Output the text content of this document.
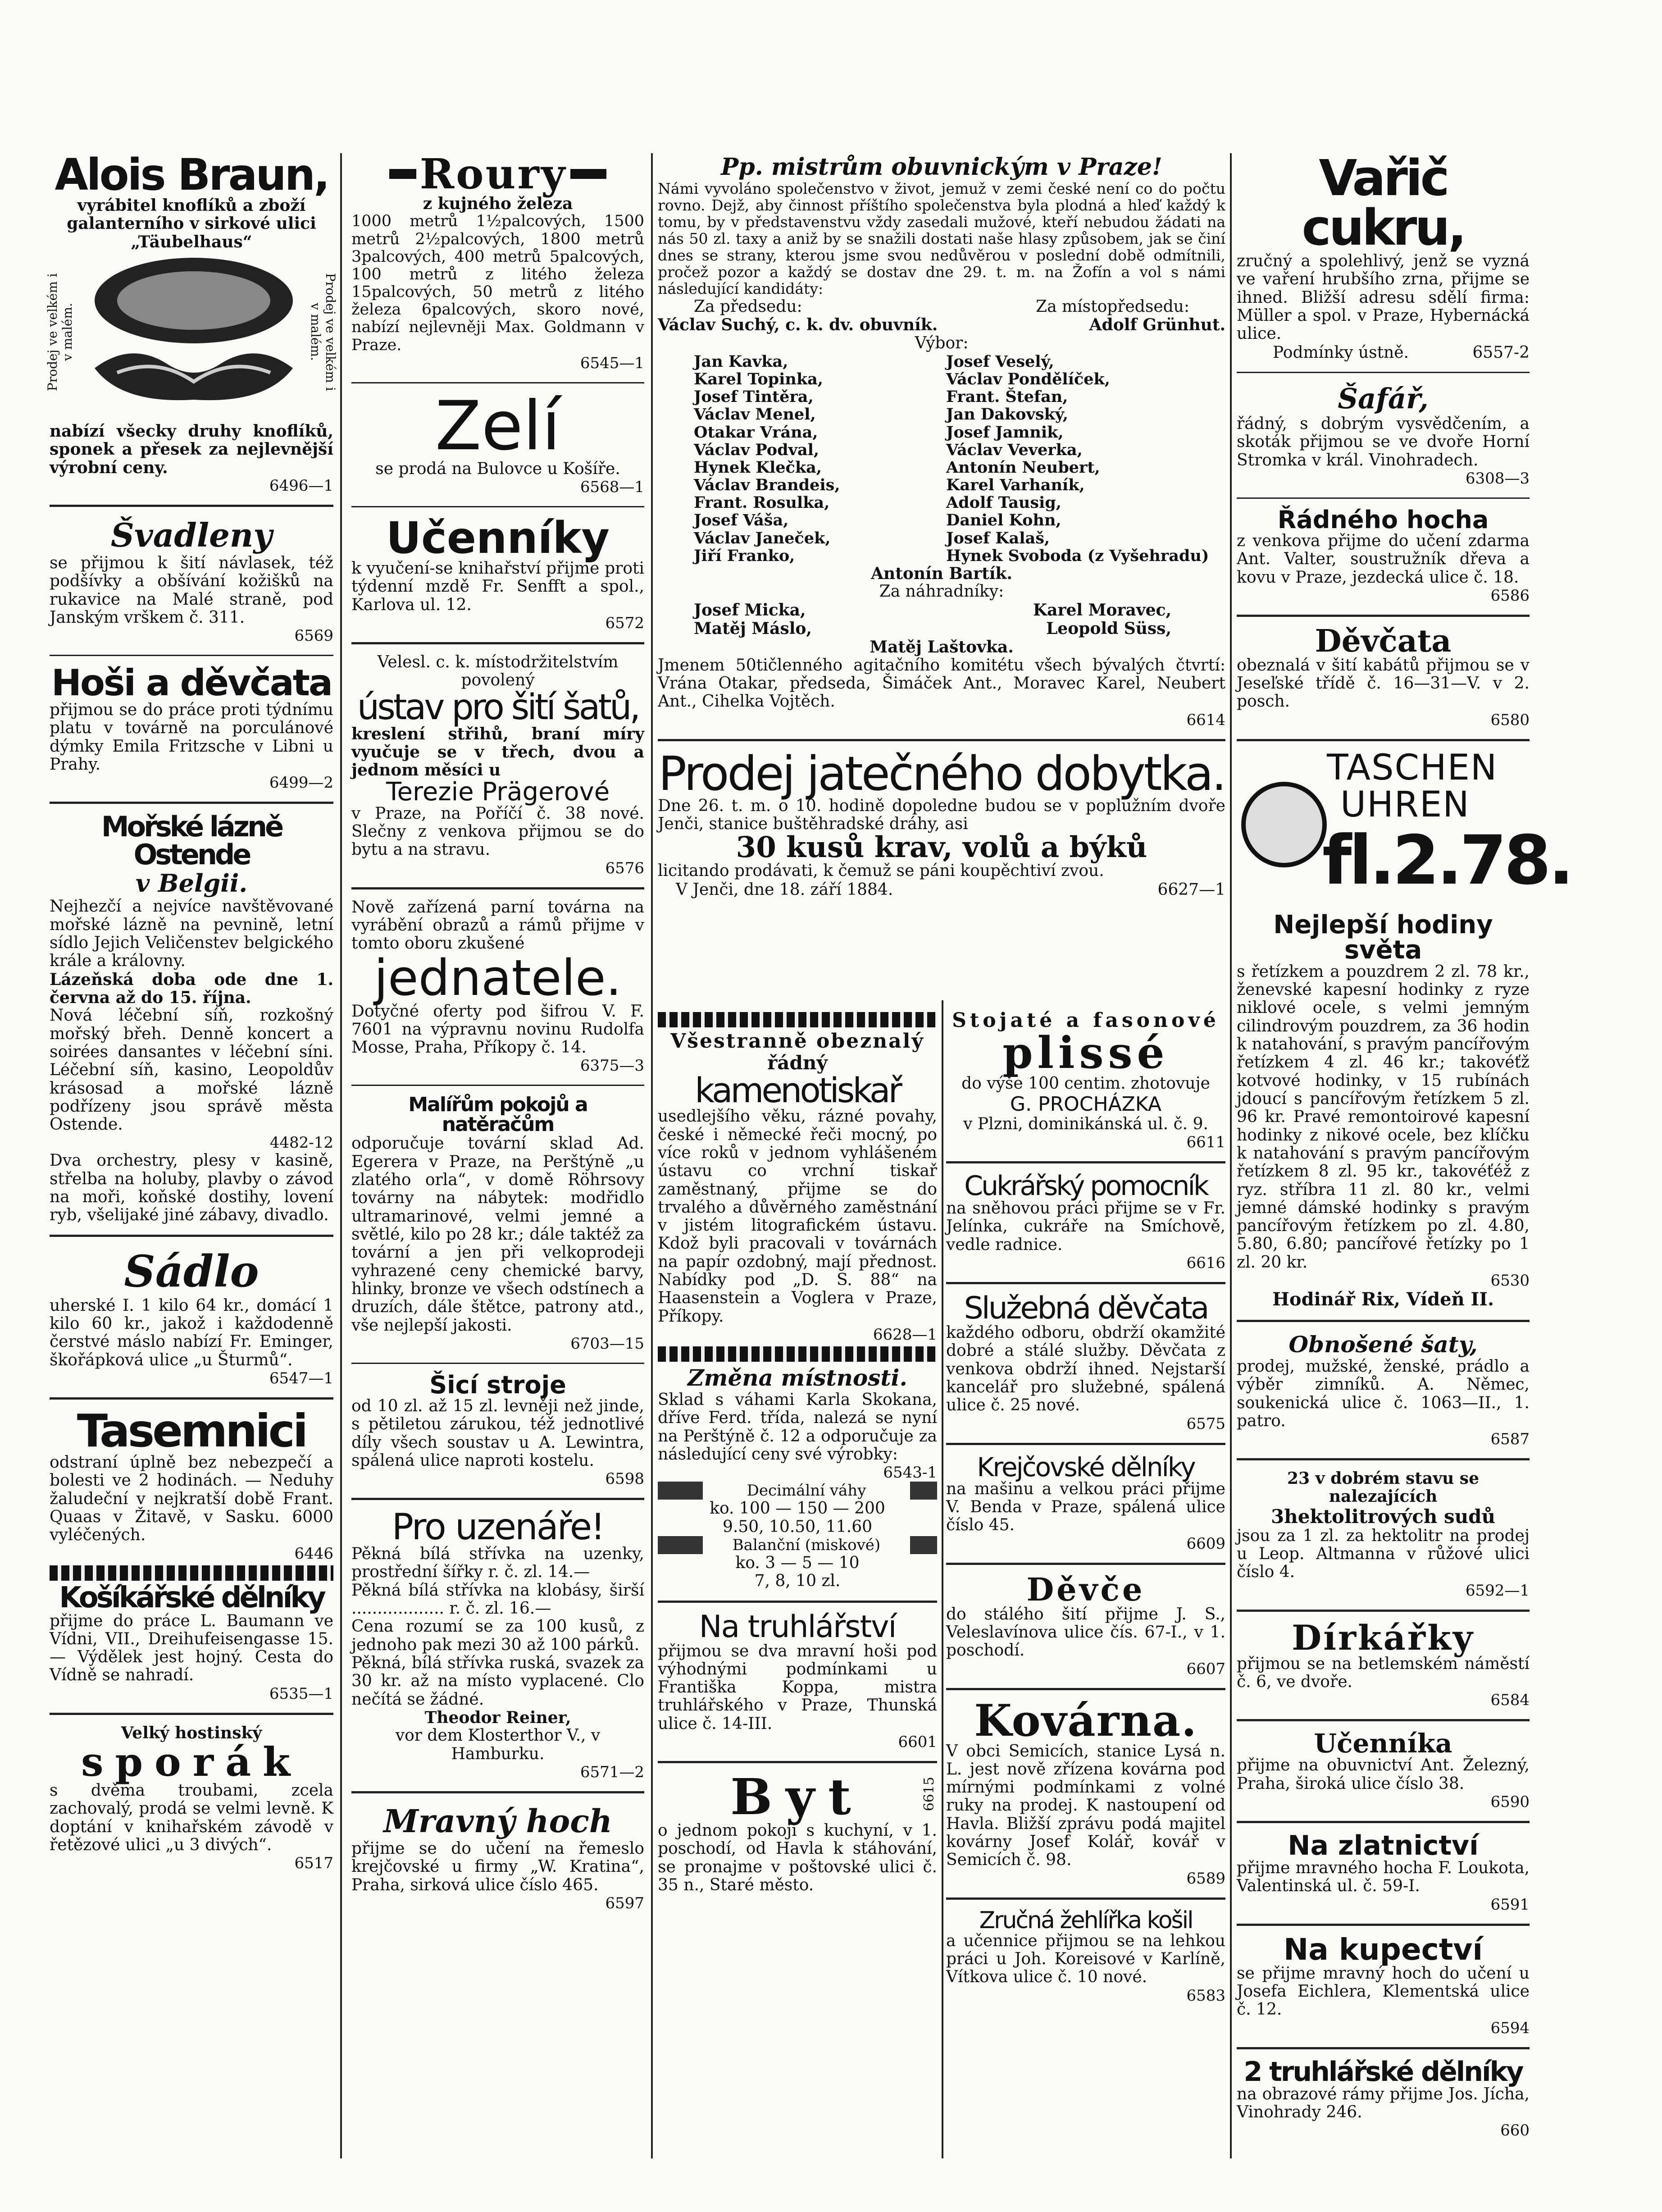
Alois Braun,
vyrábitel knoflíků a zboží
galanterního v sirkové ulici
„Täubelhaus“
Prodej ve velkém i v malém.	Prodej ve velkém i v malém.
nabízí všecky druhy knoflíků, sponek a přesek za nejlevnější výrobní ceny.
6496—1
Švadleny
se přijmou k šití návlasek, též podšívky a obšívání kožišků na rukavice na Malé straně, pod Janským vrškem č. 311.
6569
Hoši a děvčata
přijmou se do práce proti týdnímu platu v továrně na porculánové dýmky Emila Fritzsche v Libni u Prahy.
6499—2
Mořské lázně Ostende
v Belgii.
Nejhezčí a nejvíce navštěvované mořské lázně na pevnině, letní sídlo Jejich Veličenstev belgického krále a královny.
Lázeňská doba ode dne 1. června až do 15. října.
Nová léčební síň, rozkošný mořský břeh. Denně koncert a soirées dansantes v léčební síni. Léčební síň, kasino, Leopoldův krásosad a mořské lázně podřízeny jsou správě města Ostende.
4482-12
Dva orchestry, plesy v kasině, střelba na holuby, plavby o závod na moři, koňské dostihy, lovení ryb, všelijaké jiné zábavy, divadlo.
Sádlo
uherské I. 1 kilo 64 kr., domácí 1 kilo 60 kr., jakož i každodenně čerstvé máslo nabízí Fr. Eminger, škořápková ulice „u Šturmů“.
6547—1
Tasemnici
odstraní úplně bez nebezpečí a bolesti ve 2 hodinách. — Neduhy žaludeční v nejkratší době Frant. Quaas v Žitavě, v Sasku. 6000 vyléčených.
6446
Košíkářské dělníky
přijme do práce L. Baumann ve Vídni, VII., Dreihufeisengasse 15. — Výdělek jest hojný. Cesta do Vídně se nahradí.
6535—1
Velký hostinský
sporák
s dvěma troubami, zcela zachovalý, prodá se velmi levně. K doptání v knihařském závodě v řetězové ulici „u 3 divých“.
6517
Roury
z kujného železa
1000 metrů 1½palcových, 1500 metrů 2½palcových, 1800 metrů 3palcových, 400 metrů 5palcových, 100 metrů z litého železa 15palcových, 50 metrů z litého železa 6palcových, skoro nové, nabízí nejlevněji Max. Goldmann v Praze.
6545—1
Zelí
se prodá na Bulovce u Košíře.
6568—1
Učenníky
k vyučení-se knihařství přijme proti týdenní mzdě Fr. Senfft a spol., Karlova ul. 12.
6572
Velesl. c. k. místodržitelstvím povolený
ústav pro šití šatů,
kreslení střihů, braní míry vyučuje se v třech, dvou a jednom měsíci u
Terezie Prägerové
v Praze, na Poříčí č. 38 nové. Slečny z venkova přijmou se do bytu a na stravu.
6576
Nově zařízená parní továrna na vyrábění obrazů a rámů přijme v tomto oboru zkušené
jednatele.
Dotyčné oferty pod šifrou V. F. 7601 na výpravnu novinu Rudolfa Mosse, Praha, Příkopy č. 14.
6375—3
Malířům pokojů a natěračům
odporučuje tovární sklad Ad. Egerera v Praze, na Perštýně „u zlatého orla“, v domě Röhrsovy továrny na nábytek: modřidlo ultramarinové, velmi jemné a světlé, kilo po 28 kr.; dále taktéž za tovární a jen při velkoprodeji vyhrazené ceny chemické barvy, hlinky, bronze ve všech odstínech a druzích, dále štětce, patrony atd., vše nejlepší jakosti.
6703—15
Šicí stroje
od 10 zl. až 15 zl. levněji než jinde, s pětiletou zárukou, též jednotlivé díly všech soustav u A. Lewintra, spálená ulice naproti kostelu.
6598
Pro uzenáře!
Pěkná bílá střívka na uzenky, prostřední šířky r. č. zl. 14.—
Pěkná bílá střívka na klobásy, širší .................. r. č. zl. 16.—
Cena rozumí se za 100 kusů, z jednoho pak mezi 30 až 100 párků.
Pěkná, bílá střívka ruská, svazek za 30 kr. až na místo vyplacené. Clo nečítá se žádné.
Theodor Reiner,
vor dem Klosterthor V., v Hamburku.
6571—2
Mravný hoch
přijme se do učení na řemeslo krejčovské u firmy „W. Kratina“, Praha, sirková ulice číslo 465.
6597
Pp. mistrům obuvnickým v Praze!
Námi vyvoláno společenstvo v život, jemuž v zemi české není co do počtu rovno. Dejž, aby činnost příštího společenstva byla plodná a hleď každý k tomu, by v představenstvu vždy zasedali mužové, kteří nebudou žádati na nás 50 zl. taxy a aniž by se snažili dostati naše hlasy způsobem, jak se činí dnes se strany, kterou jsme svou nedůvěrou v poslední době odmítnili, pročež pozor a každý se dostav dne 29. t. m. na Žofín a vol s námi následující kandidáty:
Za předsedu:	Za místopředsedu:
Václav Suchý, c. k. dv. obuvník.	Adolf Grünhut.
Výbor:
Jan Kavka,
Karel Topinka,
Josef Tintěra,
Václav Menel,
Otakar Vrána,
Václav Podval,
Hynek Klečka,
Václav Brandeis,
Frant. Rosulka,
Josef Váša,
Václav Janeček,
Jiří Franko,
Josef Veselý,
Václav Pondělíček,
Frant. Štefan,
Jan Dakovský,
Josef Jamnik,
Václav Veverka,
Antonín Neubert,
Karel Varhaník,
Adolf Tausig,
Daniel Kohn,
Josef Kalaš,
Hynek Svoboda (z Vyšehradu)
Antonín Bartík.
Za náhradníky:
Josef Micka,	Karel Moravec,
Matěj Máslo,	Leopold Süss,
Matěj Laštovka.
Jmenem 50tičlenného agitačního komitétu všech bývalých čtvrtí: Vrána Otakar, předseda, Šimáček Ant., Moravec Karel, Neubert Ant., Cihelka Vojtěch.
6614
Prodej jatečného dobytka.
Dne 26. t. m. o 10. hodině dopoledne budou se v poplužním dvoře Jenči, stanice buštěhradské dráhy, asi
30 kusů krav, volů a býků
licitando prodávati, k čemuž se páni koupěchtiví zvou.
V Jenči, dne 18. září 1884.	6627—1
Všestranně obeznalý
řádný
kamenotiskař
usedlejšího věku, rázné povahy, české i německé řeči mocný, po více roků v jednom vyhlášeném ústavu co vrchní tiskař zaměstnaný, přijme se do trvalého a důvěrného zaměstnání v jistém litografickém ústavu. Kdož byli pracovali v továrnách na papír ozdobný, mají přednost. Nabídky pod „D. S. 88“ na Haasenstein a Voglera v Praze, Příkopy.
6628—1
Změna místnosti.
Sklad s váhami Karla Skokana, dříve Ferd. třída, nalezá se nyní na Perštýně č. 12 a odporučuje za následující ceny své výrobky:
6543-1
Decimální váhy
ko. 100 — 150 — 200
9.50, 10.50, 11.60
Balanční (miskové)
ko. 3 — 5 — 10
7, 8, 10 zl.
Na truhlářství
přijmou se dva mravní hoši pod výhodnými podmínkami u Františka Koppa, mistra truhlářského v Praze, Thunská ulice č. 14-III.
6601
Byt	6615
o jednom pokoji s kuchyní, v 1. poschodí, od Havla k stáhování, se pronajme v poštovské ulici č. 35 n., Staré město.
Stojaté a fasonové
plissé
do výše 100 centim. zhotovuje
G. PROCHÁZKA
v Plzni, dominikánská ul. č. 9.
6611
Cukrářský pomocník
na sněhovou práci přijme se v Fr. Jelínka, cukráře na Smíchově, vedle radnice.
6616
Služebná děvčata
každého odboru, obdrží okamžité dobré a stálé služby. Děvčata z venkova obdrží ihned. Nejstarší kancelář pro služebné, spálená ulice č. 25 nové.
6575
Krejčovské dělníky
na mašinu a velkou práci přijme V. Benda v Praze, spálená ulice číslo 45.
6609
Děvče
do stálého šití přijme J. S., Veleslavínova ulice čís. 67-I., v 1. poschodí.
6607
Kovárna.
V obci Semicích, stanice Lysá n. L. jest nově zřízena kovárna pod mírnými podmínkami z volné ruky na prodej. K nastoupení od Havla. Bližší zprávu podá majitel kovárny Josef Kolář, kovář v Semicích č. 98.
6589
Zručná žehlířka košil
a učennice přijmou se na lehkou práci u Joh. Koreisové v Karlíně, Vítkova ulice č. 10 nové.
6583
Vařič cukru,
zručný a spolehlivý, jenž se vyzná ve vaření hrubšího zrna, přijme se ihned. Bližší adresu sdělí firma: Müller a spol. v Praze, Hybernácká ulice.
Podmínky ústně.	6557-2
Šafář,
řádný, s dobrým vysvědčením, a skoták přijmou se ve dvoře Horní Stromka v král. Vinohradech.
6308—3
Řádného hocha
z venkova přijme do učení zdarma Ant. Valter, soustružník dřeva a kovu v Praze, jezdecká ulice č. 18.
6586
Děvčata
obeznalá v šití kabátů přijmou se v Jeseľské třídě č. 16—31—V. v 2. posch.
6580
TASCHEN
UHREN
fl.2.78.
Nejlepší hodiny světa
s řetízkem a pouzdrem 2 zl. 78 kr., ženevské kapesní hodinky z ryze niklové ocele, s velmi jemným cilindrovým pouzdrem, za 36 hodin k natahování, s pravým pancířovým řetízkem 4 zl. 46 kr.; takovéťž kotvové hodinky, v 15 rubínách jdoucí s pancířovým řetízkem 5 zl. 96 kr. Pravé remontoirové kapesní hodinky z nikové ocele, bez klíčku k natahování s pravým pancířovým řetízkem 8 zl. 95 kr., takovéťéž z ryz. stříbra 11 zl. 80 kr., velmi jemné dámské hodinky s pravým pancířovým řetízkem po zl. 4.80, 5.80, 6.80; pancířové řetízky po 1 zl. 20 kr.
6530
Hodinář Rix, Vídeň II.
Obnošené šaty,
prodej, mužské, ženské, prádlo a výběr zimníků. A. Němec, soukenická ulice č. 1063—II., 1. patro.
6587
23 v dobrém stavu se nalezajících
3hektolitrových sudů
jsou za 1 zl. za hektolitr na prodej u Leop. Altmanna v růžové ulici číslo 4.
6592—1
Dírkářky
přijmou se na betlemském náměstí č. 6, ve dvoře.
6584
Učenníka
přijme na obuvnictví Ant. Železný, Praha, široká ulice číslo 38.
6590
Na zlatnictví
přijme mravného hocha F. Loukota, Valentinská ul. č. 59-I.
6591
Na kupectví
se přijme mravný hoch do učení u Josefa Eichlera, Klementská ulice č. 12.
6594
2 truhlářské dělníky
na obrazové rámy přijme Jos. Jícha, Vinohrady 246.
660
